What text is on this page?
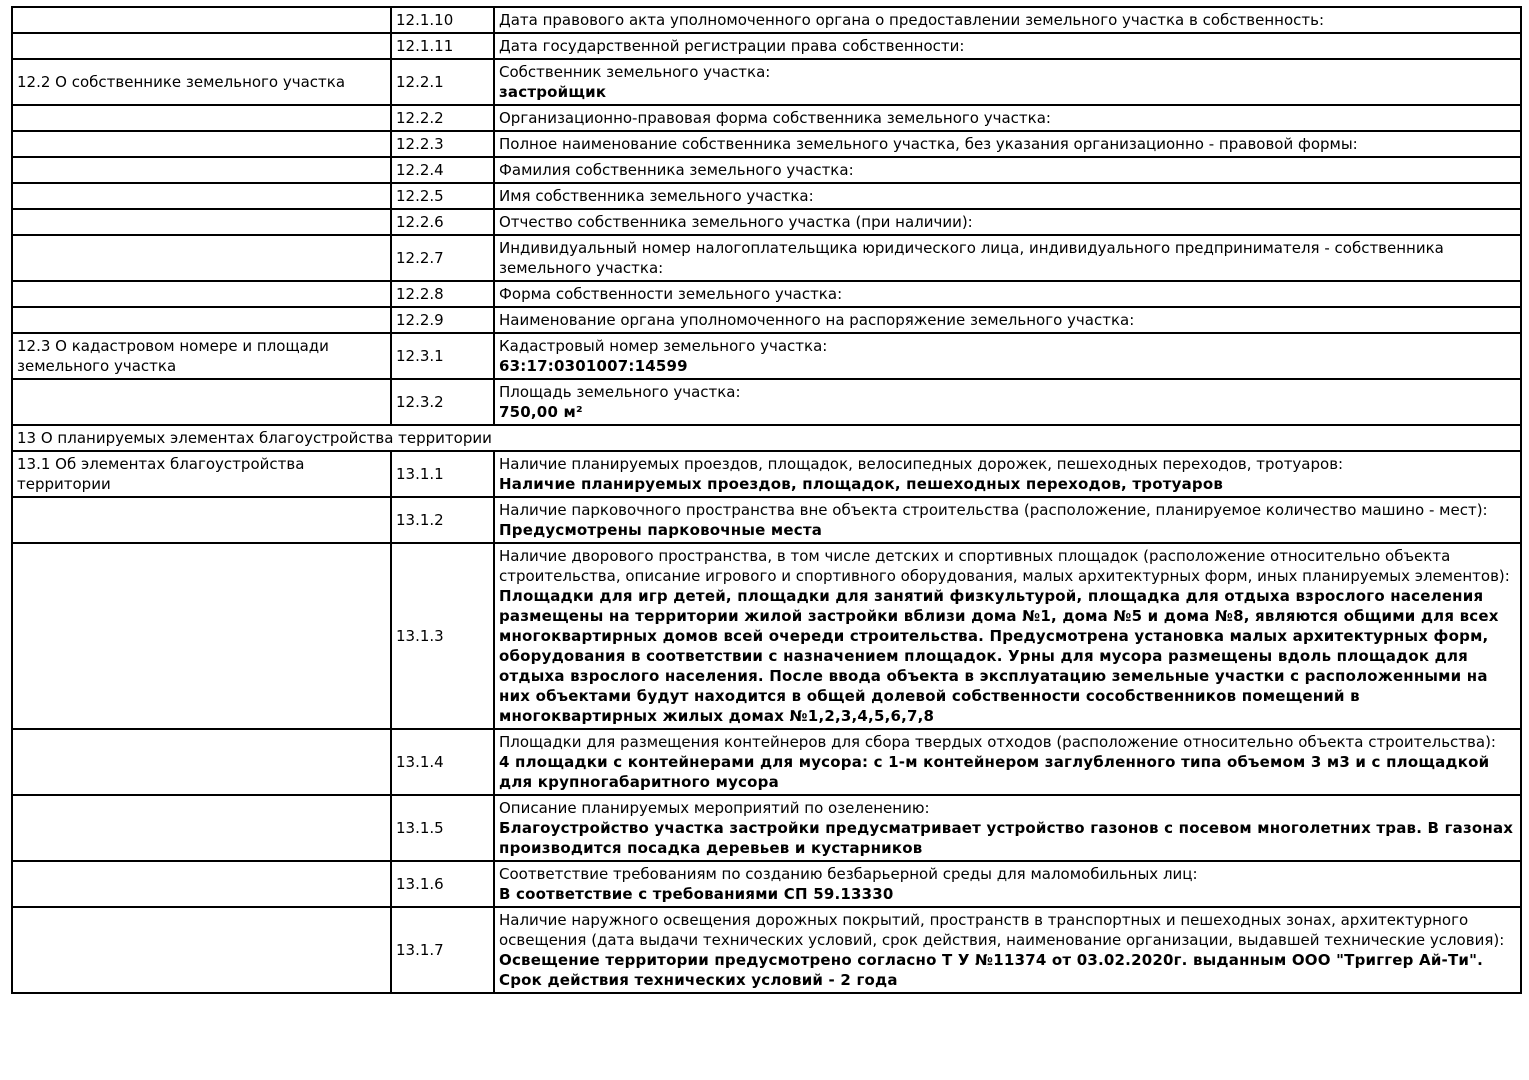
	12.1.10	Дата правового акта уполномоченного органа о предоставлении земельного участка в собственность:

	12.1.11	Дата государственной регистрации права собственности:

12.2 О собственнике земельного участка	12.2.1	Собственник земельного участка:
застройщик

	12.2.2	Организационно-правовая форма собственника земельного участка:

	12.2.3	Полное наименование собственника земельного участка, без указания организационно - правовой формы:

	12.2.4	Фамилия собственника земельного участка:

	12.2.5	Имя собственника земельного участка:

	12.2.6	Отчество собственника земельного участка (при наличии):

	12.2.7	Индивидуальный номер налогоплательщика юридического лица, индивидуального предпринимателя - собственника земельного участка:

	12.2.8	Форма собственности земельного участка:

	12.2.9	Наименование органа уполномоченного на распоряжение земельного участка:

12.3 О кадастровом номере и площади земельного участка	12.3.1	Кадастровый номер земельного участка:
63:17:0301007:14599

	12.3.2	Площадь земельного участка:
750,00 м²

13 О планируемых элементах благоустройства территории		
13.1 Об элементах благоустройства территории	13.1.1	Наличие планируемых проездов, площадок, велосипедных дорожек, пешеходных переходов, тротуаров:
Наличие планируемых проездов, площадок, пешеходных переходов, тротуаров

	13.1.2	Наличие парковочного пространства вне объекта строительства (расположение, планируемое количество машино - мест):
Предусмотрены парковочные места

	13.1.3	Наличие дворового пространства, в том числе детских и спортивных площадок (расположение относительно объекта строительства, описание игрового и спортивного оборудования, малых архитектурных форм, иных планируемых элементов):
Площадки для игр детей, площадки для занятий физкультурой, площадка для отдыха взрослого населения размещены на территории жилой застройки вблизи дома №1, дома №5 и дома №8, являются общими для всех многоквартирных домов всей очереди строительства. Предусмотрена установка малых архитектурных форм, оборудования в соответствии с назначением площадок. Урны для мусора размещены вдоль площадок для отдыха взрослого населения. После ввода объекта в эксплуатацию земельные участки с расположенными на них объектами будут находится в общей долевой собственности сособственников помещений в многоквартирных жилых домах №1,2,3,4,5,6,7,8

	13.1.4	Площадки для размещения контейнеров для сбора твердых отходов (расположение относительно объекта строительства):
4 площадки с контейнерами для мусора: с 1-м контейнером заглубленного типа объемом 3 м3 и с площадкой для крупногабаритного мусора

	13.1.5	Описание планируемых мероприятий по озеленению:
Благоустройство участка застройки предусматривает устройство газонов с посевом многолетних трав. В газонах производится посадка деревьев и кустарников

	13.1.6	Соответствие требованиям по созданию безбарьерной среды для маломобильных лиц:
В соответствие с требованиями СП 59.13330

	13.1.7	Наличие наружного освещения дорожных покрытий, пространств в транспортных и пешеходных зонах, архитектурного освещения (дата выдачи технических условий, срок действия, наименование организации, выдавшей технические условия):
Освещение территории предусмотрено согласно Т У №11374 от 03.02.2020г. выданным ООО "Триггер Ай-Ти". Срок действия технических условий - 2 года
